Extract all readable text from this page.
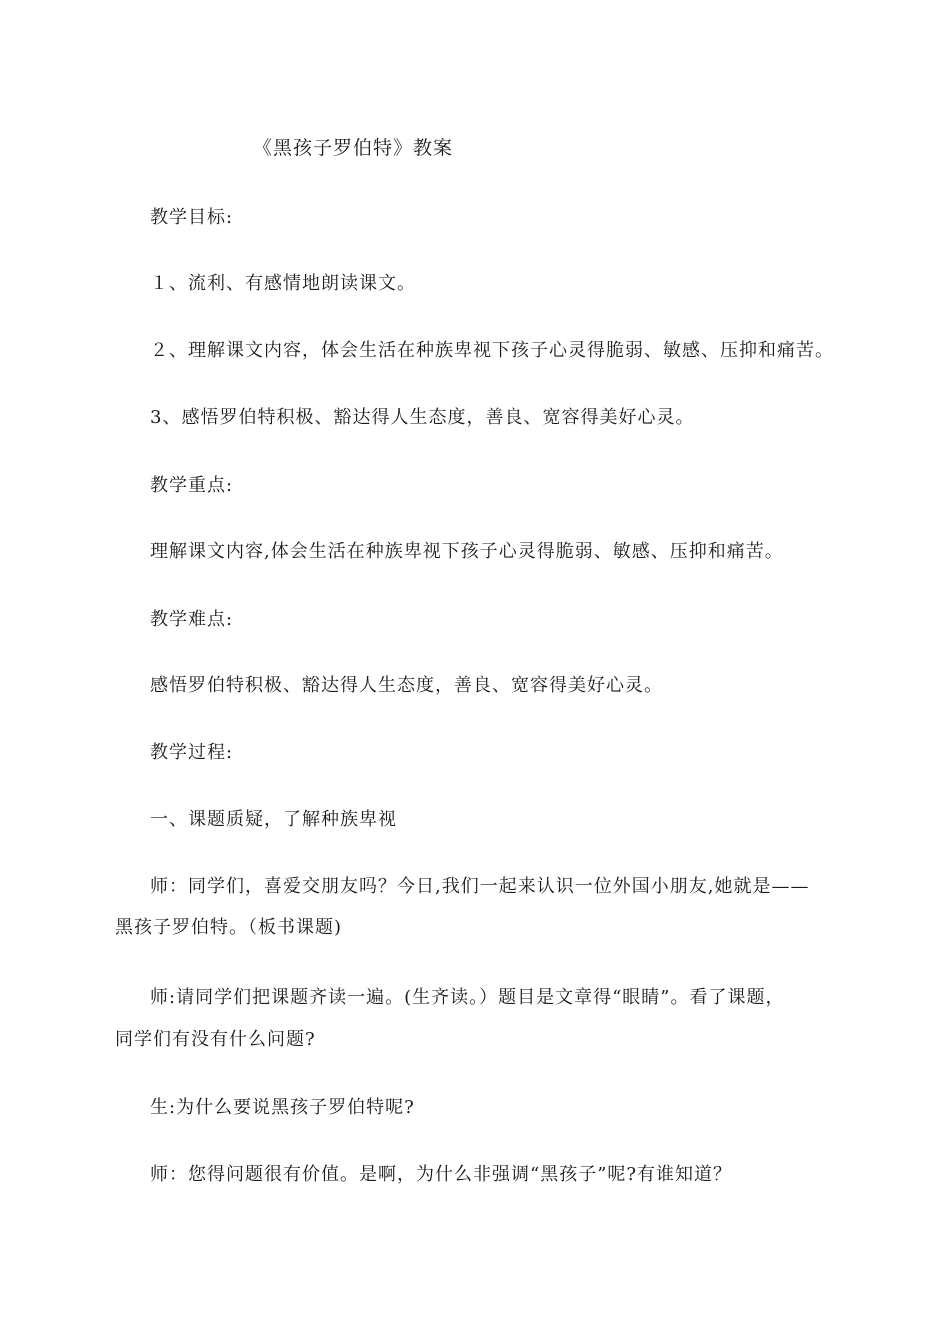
《黑孩子罗伯特》教案
教学目标:
１、流利、有感情地朗读课文。
２、理解课文内容，体会生活在种族卑视下孩子心灵得脆弱、敏感、压抑和痛苦。
3、感悟罗伯特积极、豁达得人生态度，善良、宽容得美好心灵。
教学重点:
理解课文内容,体会生活在种族卑视下孩子心灵得脆弱、敏感、压抑和痛苦。
教学难点:
感悟罗伯特积极、豁达得人生态度，善良、宽容得美好心灵。
教学过程:
一、课题质疑，了解种族卑视
师：同学们，喜爱交朋友吗？今日,我们一起来认识一位外国小朋友,她就是——
黑孩子罗伯特。（板书课题)
师:请同学们把课题齐读一遍。(生齐读。）题目是文章得“眼睛”。看了课题，
同学们有没有什么问题?
生:为什么要说黑孩子罗伯特呢?
师：您得问题很有价值。是啊，为什么非强调“黑孩子”呢?有谁知道？
